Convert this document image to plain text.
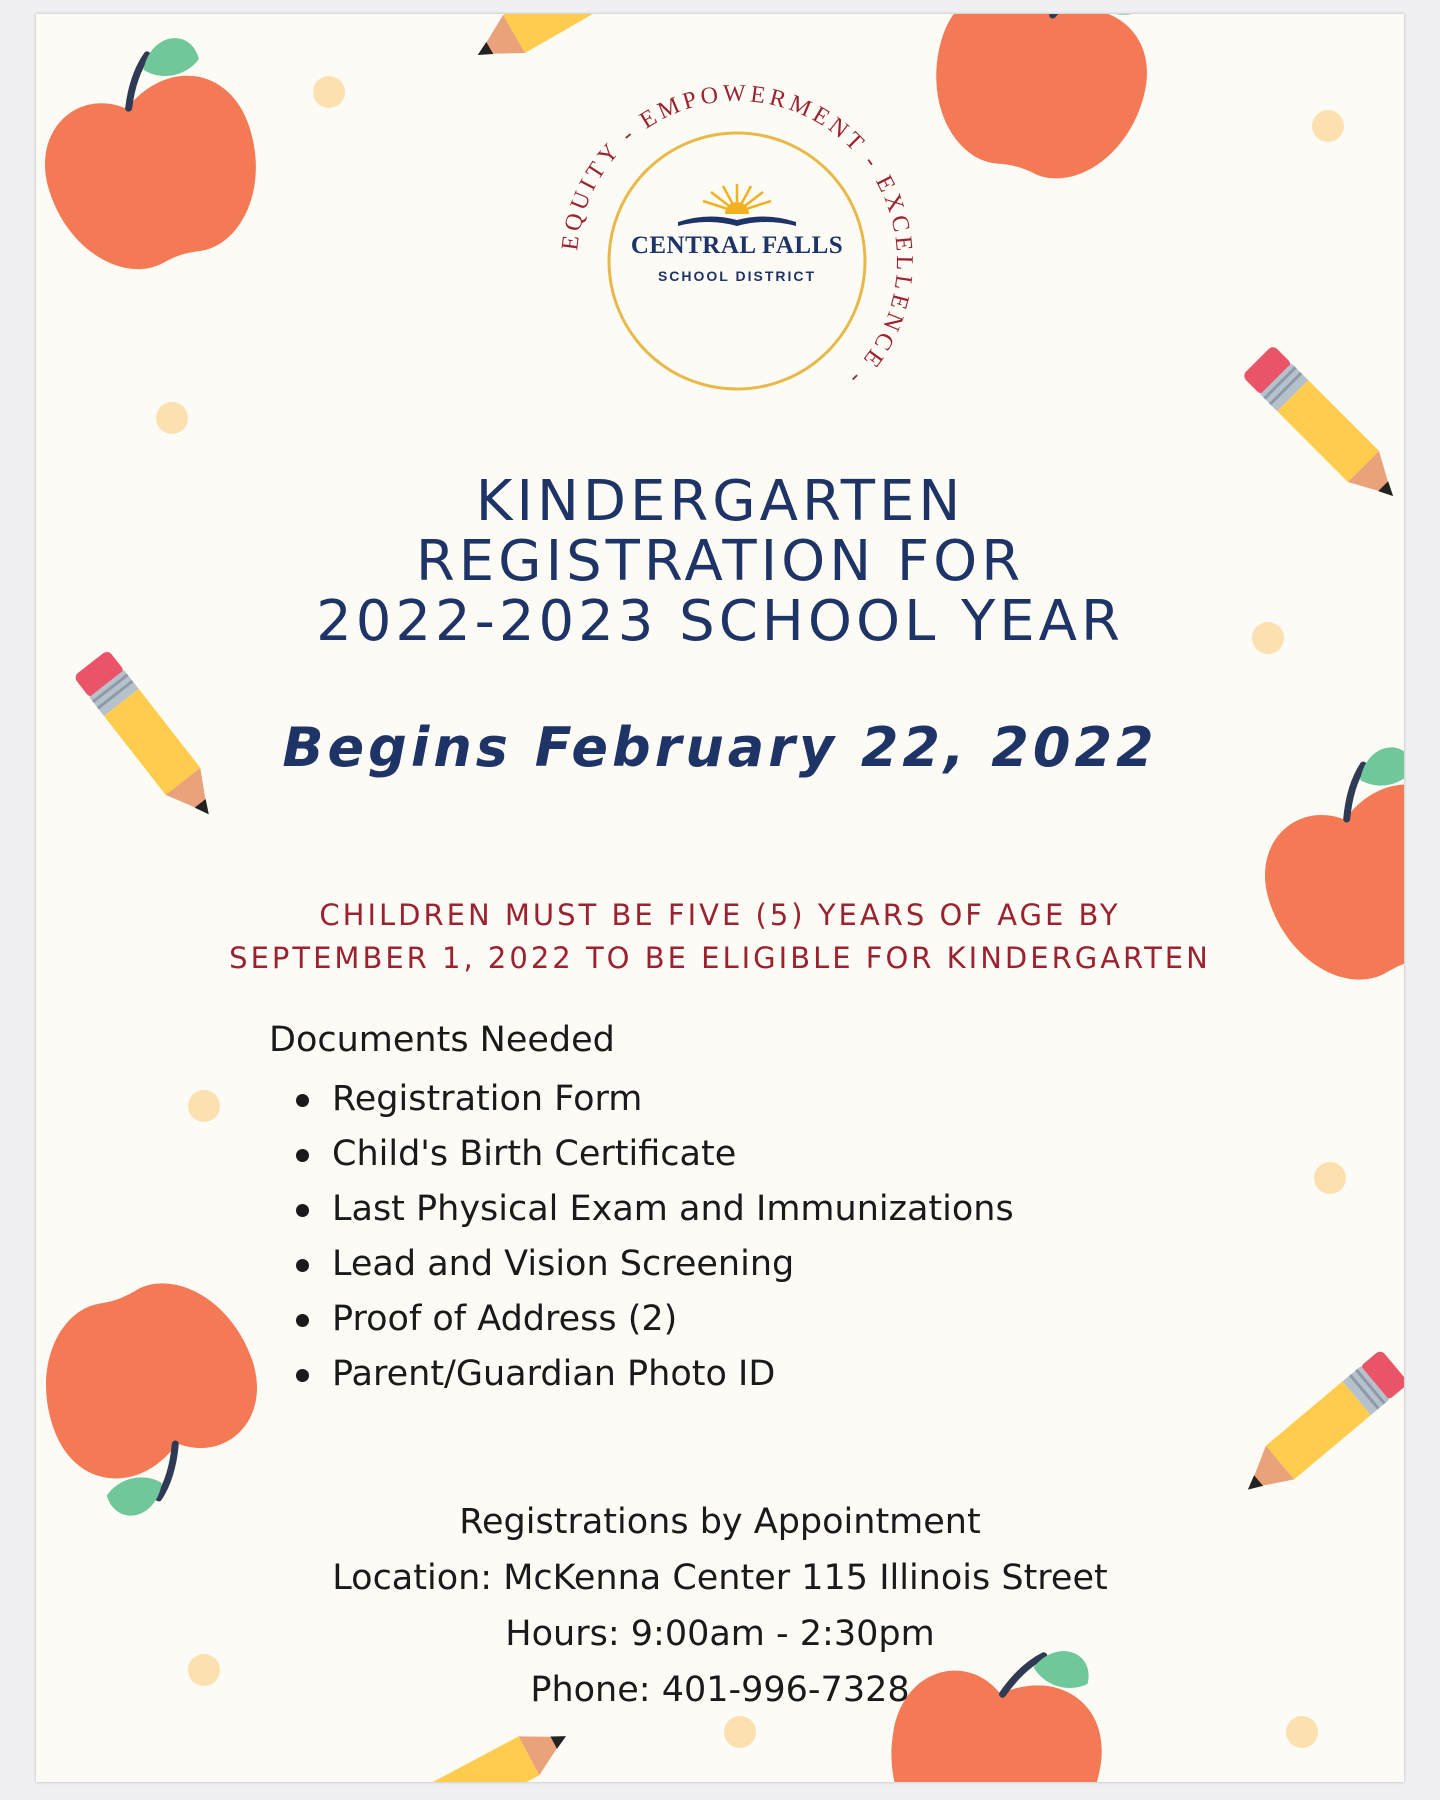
EQUITY - EMPOWERMENT - EXCELLENCE -
CENTRAL FALLS
SCHOOL DISTRICT
KINDERGARTEN
REGISTRATION FOR
2022-2023 SCHOOL YEAR
Begins February 22, 2022
CHILDREN MUST BE FIVE (5) YEARS OF AGE BY
SEPTEMBER 1, 2022 TO BE ELIGIBLE FOR KINDERGARTEN
Documents Needed
Registration Form
Child's Birth Certificate
Last Physical Exam and Immunizations
Lead and Vision Screening
Proof of Address (2)
Parent/Guardian Photo ID
Registrations by Appointment
Location: McKenna Center 115 Illinois Street
Hours: 9:00am - 2:30pm
Phone: 401-996-7328
